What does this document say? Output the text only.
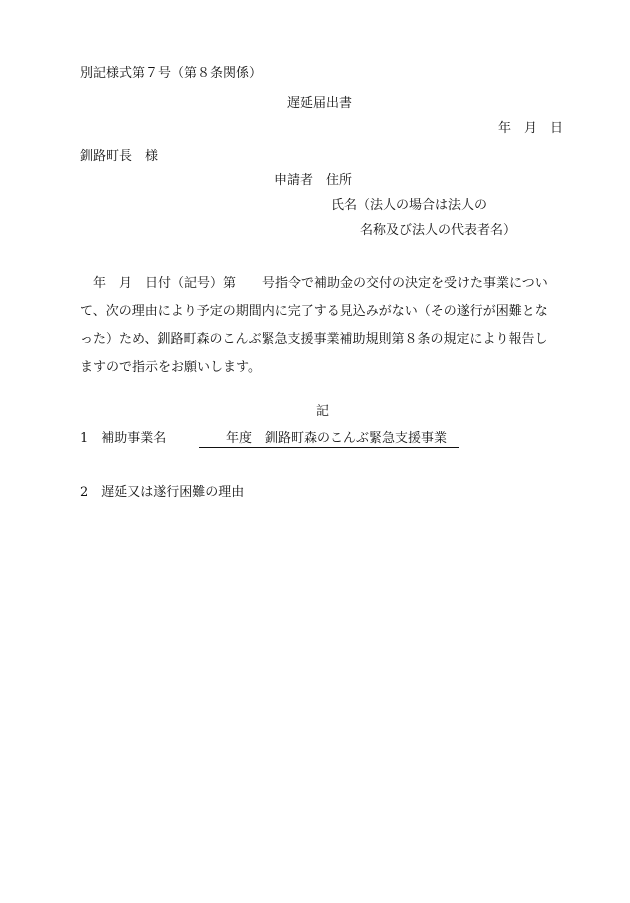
別記様式第７号（第８条関係）
遅延届出書
年　月　日
釧路町長　様
申請者　住所
氏名（法人の場合は法人の
名称及び法人の代表者名）
年　月　日付（記号）第　　号指令で補助金の交付の決定を受けた事業について、次の理由により予定の期間内に完了する見込みがない（その遂行が困難となった）ため、釧路町森のこんぶ緊急支援事業補助規則第８条の規定により報告しますので指示をお願いします。
記
1　補助事業名	年度　釧路町森のこんぶ緊急支援事業
2　遅延又は遂行困難の理由
